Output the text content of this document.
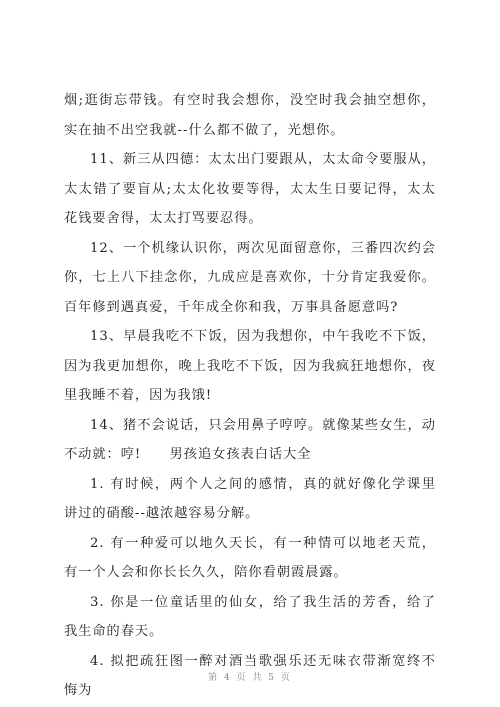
烟;逛街忘带钱。有空时我会想你，没空时我会抽空想你，实在抽不出空我就--什么都不做了，光想你。

11、新三从四德：太太出门要跟从，太太命令要服从，太太错了要盲从;太太化妆要等得，太太生日要记得，太太花钱要舍得，太太打骂要忍得。

12、一个机缘认识你，两次见面留意你，三番四次约会你，七上八下挂念你，九成应是喜欢你，十分肯定我爱你。百年修到遇真爱，千年成全你和我，万事具备愿意吗?

13、早晨我吃不下饭，因为我想你，中午我吃不下饭，因为我更加想你，晚上我吃不下饭，因为我疯狂地想你，夜里我睡不着，因为我饿!

14、猪不会说话，只会用鼻子哼哼。就像某些女生，动不动就：哼!　　男孩追女孩表白话大全

1. 有时候，两个人之间的感情，真的就好像化学课里讲过的硝酸--越浓越容易分解。

2. 有一种爱可以地久天长，有一种情可以地老天荒，有一个人会和你长长久久，陪你看朝霞晨露。

3. 你是一位童话里的仙女，给了我生活的芳香，给了我生命的春天。

4. 拟把疏狂图一醉对酒当歌强乐还无味衣带渐宽终不悔为

第 4 页 共 5 页
